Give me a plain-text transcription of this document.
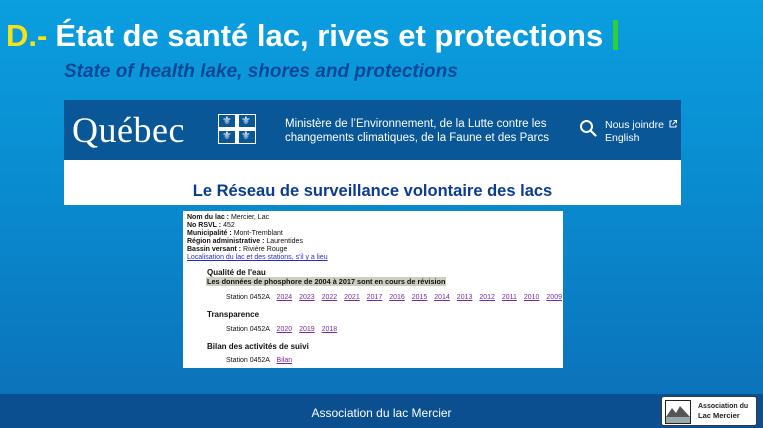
D.- État de santé lac, rives et protections
State of health lake, shores and protections
Québec	⚜ ⚜
⚜ ⚜
Ministère de l’Environnement, de la Lutte contre les
changements climatiques, de la Faune et des Parcs
Nous joindre
English
Le Réseau de surveillance volontaire des lacs
Nom du lac : Mercier, Lac
No RSVL : 452
Municipalité : Mont-Tremblant
Région administrative : Laurentides
Bassin versant : Rivière Rouge
Localisation du lac et des stations, s'il y a lieu
Qualité de l'eau
Les données de phosphore de 2004 à 2017 sont en cours de révision
Station 0452A 2024 2023 2022 2021 2017 2016 2015 2014 2013 2012 2011 2010 2009
Transparence
Station 0452A 2020 2019 2018
Bilan des activités de suivi
Station 0452A Bilan
Association du lac Mercier	Association du
Lac Mercier
